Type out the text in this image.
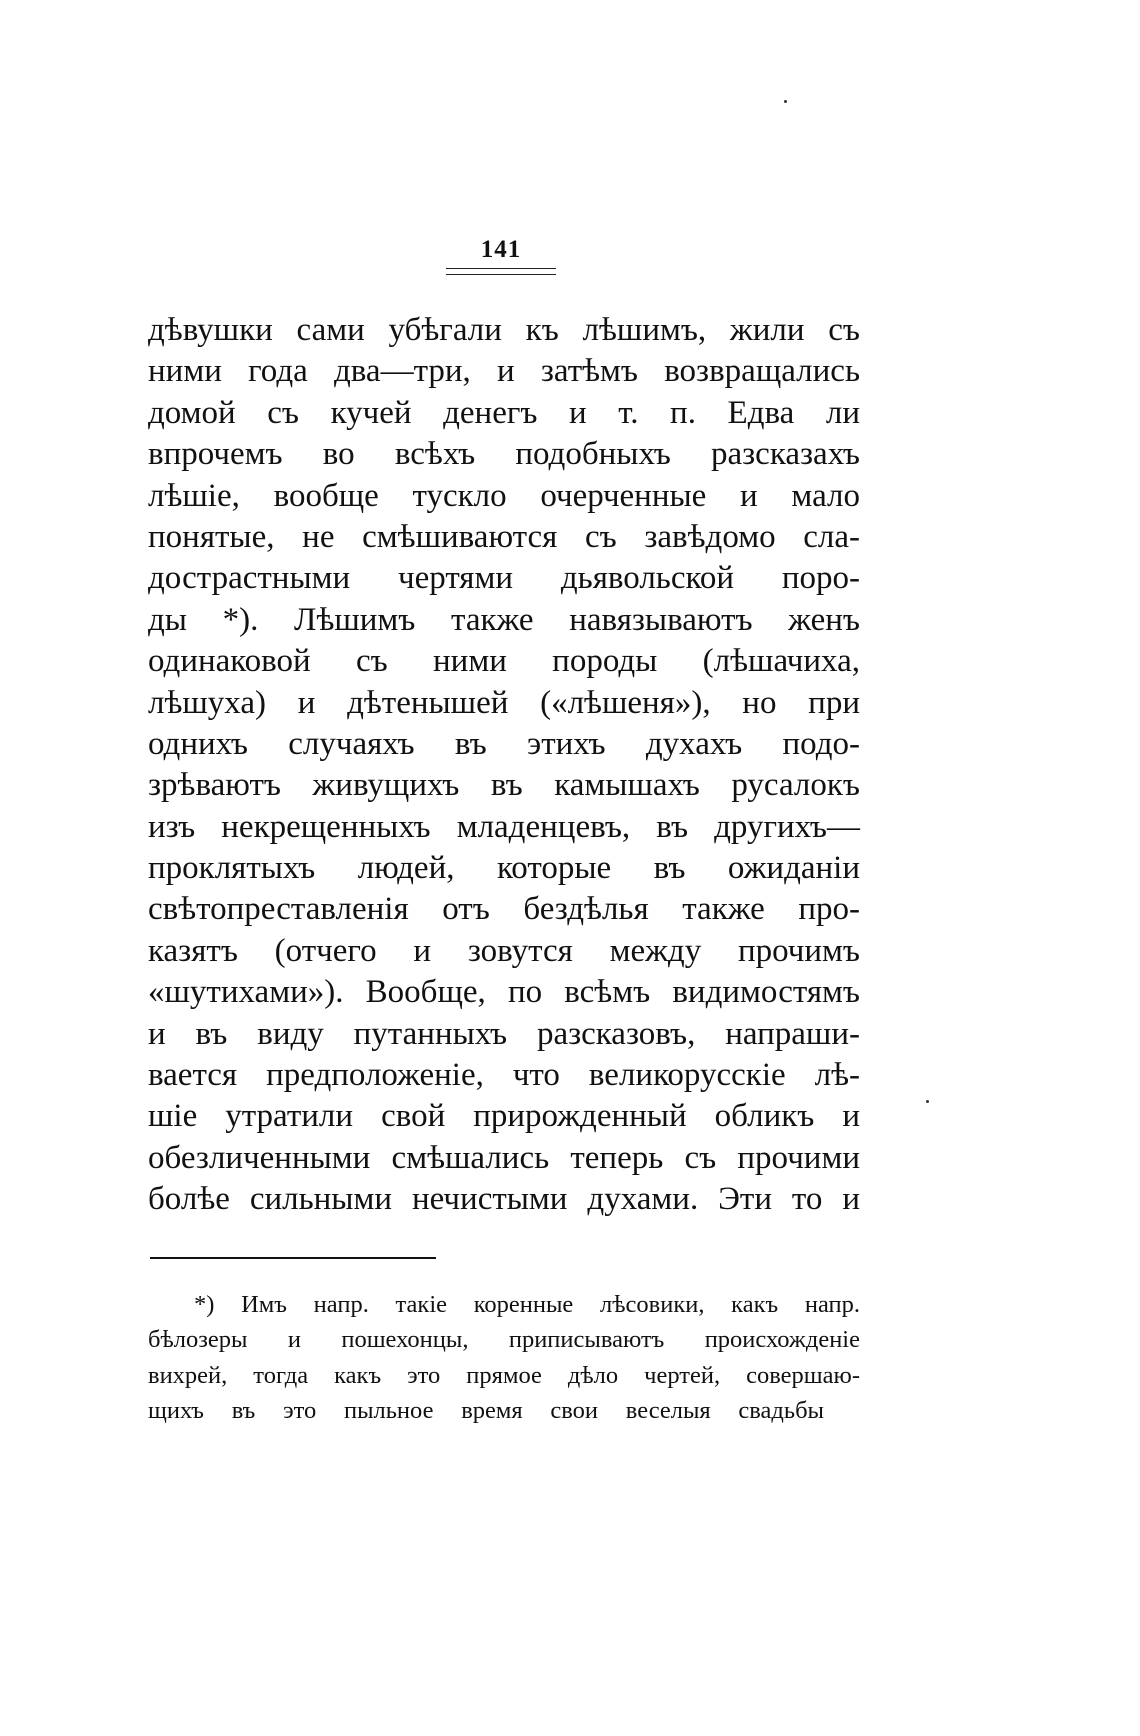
141
дѣвушки сами убѣгали къ лѣшимъ, жили съ
ними года два—три, и затѣмъ возвращались
домой съ кучей денегъ и т. п. Едва ли
впрочемъ во всѣхъ подобныхъ разсказахъ
лѣшіе, вообще тускло очерченные и мало
понятые, не смѣшиваются съ завѣдомо сла-
дострастными чертями дьявольской поро-
ды *). Лѣшимъ также навязываютъ женъ
одинаковой съ ними породы (лѣшачиха,
лѣшуха) и дѣтенышей («лѣшеня»), но при
однихъ случаяхъ въ этихъ духахъ подо-
зрѣваютъ живущихъ въ камышахъ русалокъ
изъ некрещенныхъ младенцевъ, въ другихъ—
проклятыхъ людей, которые въ ожиданіи
свѣтопреставленія отъ бездѣлья также про-
казятъ (отчего и зовутся между прочимъ
«шутихами»). Вообще, по всѣмъ видимостямъ
и въ виду путанныхъ разсказовъ, напраши-
вается предположеніе, что великорусскіе лѣ-
шіе утратили свой прирожденный обликъ и
обезличенными смѣшались теперь съ прочими
болѣе сильными нечистыми духами. Эти то и
*) Имъ напр. такіе коренные лѣсовики, какъ напр.
бѣлозеры и пошехонцы, приписываютъ происхожденіе
вихрей, тогда какъ это прямое дѣло чертей, совершаю-
щихъ въ это пыльное время свои веселыя свадьбы
